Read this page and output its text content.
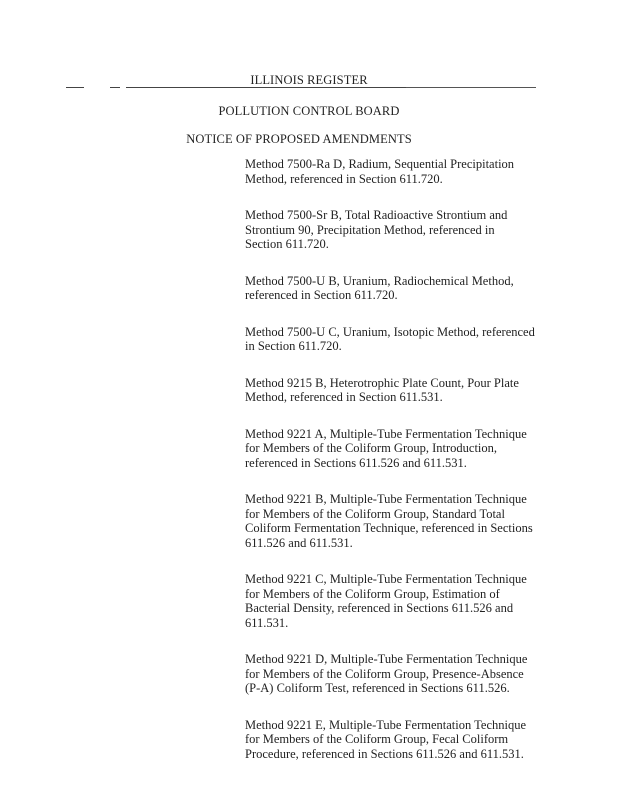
ILLINOIS REGISTER
POLLUTION CONTROL BOARD
NOTICE OF PROPOSED AMENDMENTS

Method 7500-Ra D, Radium, Sequential Precipitation Method, referenced in Section 611.720.

Method 7500-Sr B, Total Radioactive Strontium and Strontium 90, Precipitation Method, referenced in Section 611.720.

Method 7500-U B, Uranium, Radiochemical Method, referenced in Section 611.720.

Method 7500-U C, Uranium, Isotopic Method, referenced in Section 611.720.

Method 9215 B, Heterotrophic Plate Count, Pour Plate Method, referenced in Section 611.531.

Method 9221 A, Multiple-Tube Fermentation Technique for Members of the Coliform Group, Introduction, referenced in Sections 611.526 and 611.531.

Method 9221 B, Multiple-Tube Fermentation Technique for Members of the Coliform Group, Standard Total Coliform Fermentation Technique, referenced in Sections 611.526 and 611.531.

Method 9221 C, Multiple-Tube Fermentation Technique for Members of the Coliform Group, Estimation of Bacterial Density, referenced in Sections 611.526 and 611.531.

Method 9221 D, Multiple-Tube Fermentation Technique for Members of the Coliform Group, Presence-Absence (P-A) Coliform Test, referenced in Sections 611.526.

Method 9221 E, Multiple-Tube Fermentation Technique for Members of the Coliform Group, Fecal Coliform Procedure, referenced in Sections 611.526 and 611.531.
